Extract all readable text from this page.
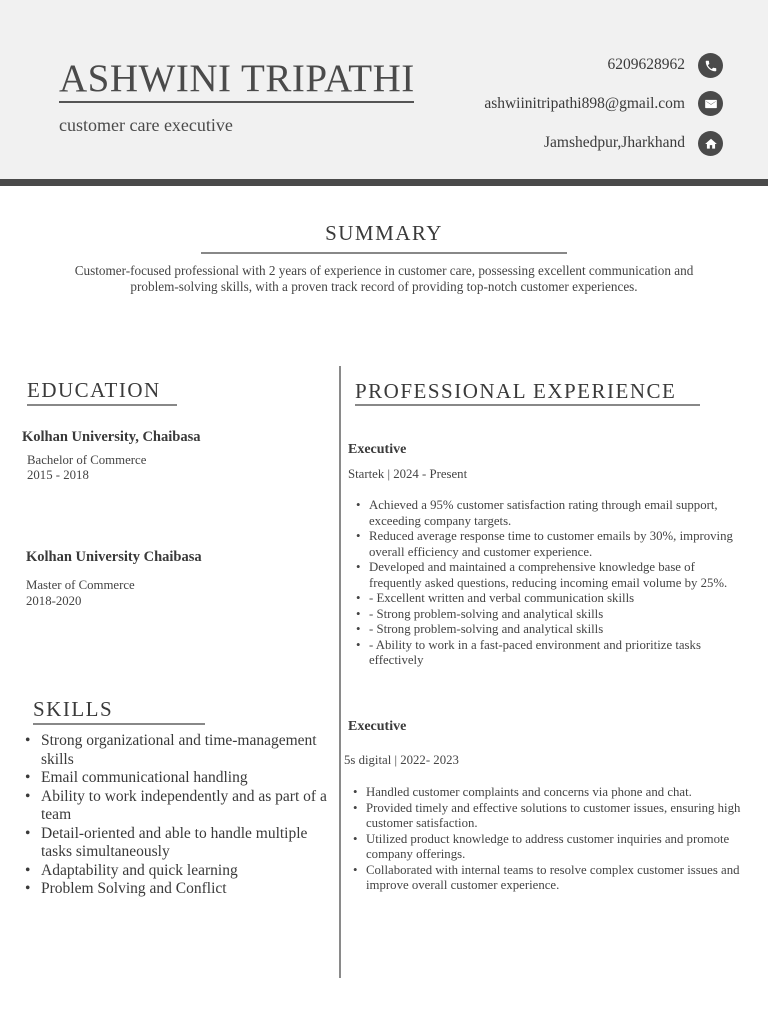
ASHWINI TRIPATHI
customer care executive
6209628962
ashwiinitripathi898@gmail.com
Jamshedpur,Jharkhand
SUMMARY
Customer-focused professional with 2 years of experience in customer care, possessing excellent communication and problem-solving skills, with a proven track record of providing top-notch customer experiences.
EDUCATION
Kolhan University, Chaibasa
Bachelor of Commerce
2015 - 2018
Kolhan University Chaibasa
Master of Commerce
2018-2020
SKILLS
• Strong organizational and time-management skills
• Email communicational handling
• Ability to work independently and as part of a team
• Detail-oriented and able to handle multiple tasks simultaneously
• Adaptability and quick learning
• Problem Solving and Conflict
PROFESSIONAL EXPERIENCE
Executive
Startek | 2024 - Present
• Achieved a 95% customer satisfaction rating through email support, exceeding company targets.
• Reduced average response time to customer emails by 30%, improving overall efficiency and customer experience.
• Developed and maintained a comprehensive knowledge base of frequently asked questions, reducing incoming email volume by 25%.
• - Excellent written and verbal communication skills
• - Strong problem-solving and analytical skills
• - Strong problem-solving and analytical skills
• - Ability to work in a fast-paced environment and prioritize tasks effectively
Executive
5s digital | 2022- 2023
• Handled customer complaints and concerns via phone and chat.
• Provided timely and effective solutions to customer issues, ensuring high customer satisfaction.
• Utilized product knowledge to address customer inquiries and promote company offerings.
• Collaborated with internal teams to resolve complex customer issues and improve overall customer experience.
